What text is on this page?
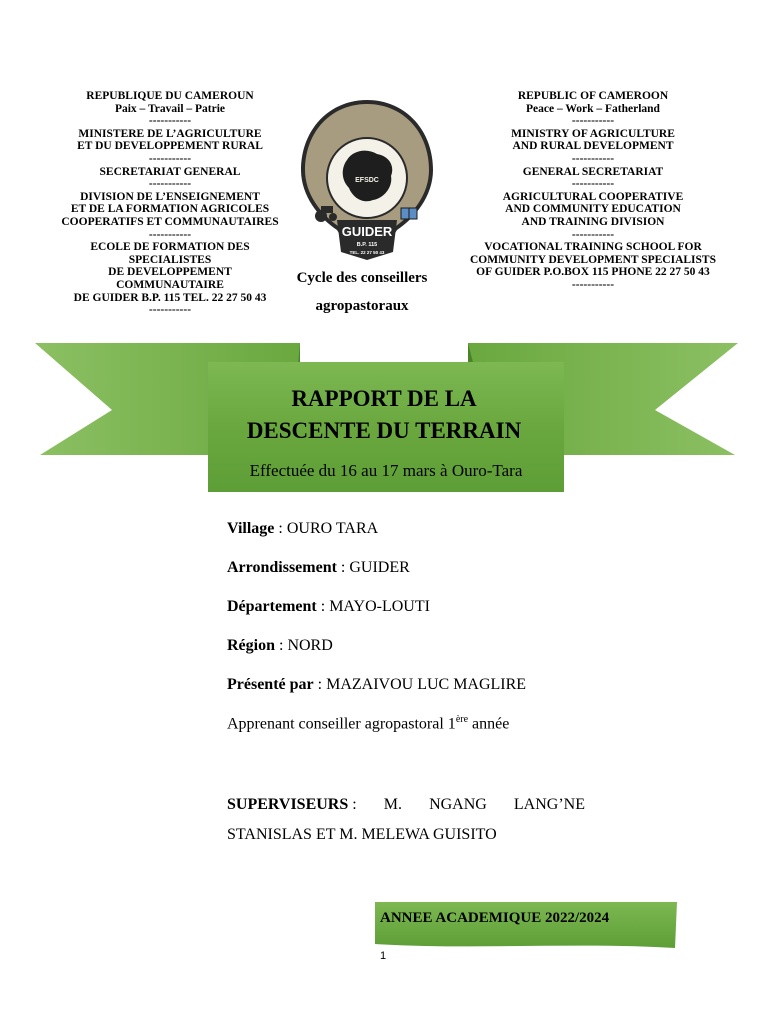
REPUBLIQUE DU CAMEROUN
Paix – Travail – Patrie
-----------
MINISTERE DE L’AGRICULTURE
ET DU DEVELOPPEMENT RURAL
-----------
SECRETARIAT GENERAL
-----------
DIVISION DE L’ENSEIGNEMENT
ET DE LA FORMATION AGRICOLES
COOPERATIFS ET COMMUNAUTAIRES
-----------
ECOLE DE FORMATION DES
SPECIALISTES
DE DEVELOPPEMENT
COMMUNAUTAIRE
DE GUIDER B.P. 115 TEL. 22 27 50 43
-----------
EFSDC
GUIDER
B.P. 115
TEL. 22 27 50 43
Cycle des conseillers
agropastoraux
REPUBLIC OF CAMEROON
Peace – Work – Fatherland
-----------
MINISTRY OF AGRICULTURE
AND RURAL DEVELOPMENT
-----------
GENERAL SECRETARIAT
-----------
AGRICULTURAL COOPERATIVE
AND COMMUNITY EDUCATION
AND TRAINING DIVISION
-----------
VOCATIONAL TRAINING SCHOOL FOR
COMMUNITY DEVELOPMENT SPECIALISTS
OF GUIDER P.O.BOX 115 PHONE 22 27 50 43
-----------
RAPPORT DE LA
DESCENTE DU TERRAIN
Effectuée du 16 au 17 mars à Ouro-Tara
Village : OURO TARA
Arrondissement : GUIDER
Département : MAYO-LOUTI
Région : NORD
Présenté par : MAZAIVOU LUC MAGLIRE
Apprenant conseiller agropastoral 1ère année
SUPERVISEURS : M. NGANG LANG’NE
STANISLAS ET M. MELEWA GUISITO
ANNEE ACADEMIQUE 2022/2024
1
